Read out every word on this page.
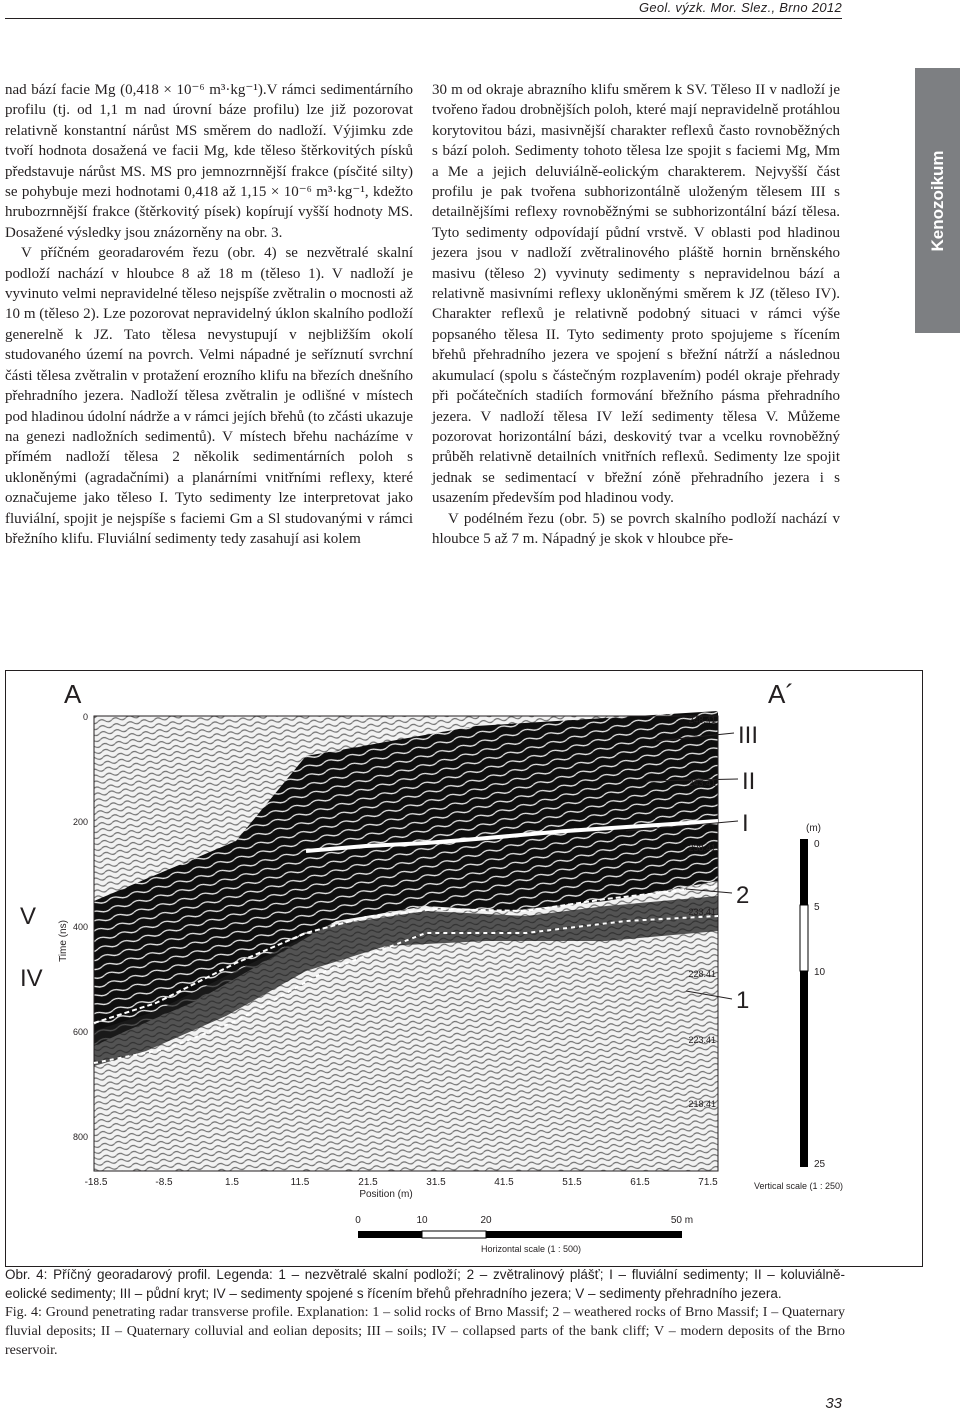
Geol. výzk. Mor. Slez., Brno 2012

nad bází facie Mg (0,418 × 10⁻⁶ m³·kg⁻¹).V rámci sedimentárního profilu (tj. od 1,1 m nad úrovní báze profilu) lze již pozorovat relativně konstantní nárůst MS směrem do nadloží. Výjimku zde tvoří hodnota dosažená ve facii Mg, kde těleso štěrkovitých písků představuje nárůst MS. MS pro jemnozrnnější frakce (písčité silty) se pohybuje mezi hodnotami 0,418 až 1,15 × 10⁻⁶ m³·kg⁻¹, kdežto hrubozrnnější frakce (štěrkovitý písek) kopírují vyšší hodnoty MS. Dosažené výsledky jsou znázorněny na obr. 3.

V příčném georadarovém řezu (obr. 4) se nezvětralé skalní podloží nachází v hloubce 8 až 18 m (těleso 1). V nadloží je vyvinuto velmi nepravidelné těleso nejspíše zvětralin o mocnosti až 10 m (těleso 2). Lze pozorovat nepravidelný úklon skalního podloží generelně k JZ. Tato tělesa nevystupují v nejbližším okolí studovaného území na povrch. Velmi nápadné je seříznutí svrchní části tělesa zvětralin v protažení erozního klifu na březích dnešního přehradního jezera. Nadloží tělesa zvětralin je odlišné v místech pod hladinou údolní nádrže a v rámci jejích břehů (to zčásti ukazuje na genezi nadložních sedimentů). V místech břehu nacházíme v přímém nadloží tělesa 2 několik sedimentárních poloh s ukloněnými (agradačními) a planárními vnitřními reflexy, které označujeme jako těleso I. Tyto sedimenty lze interpretovat jako fluviální, spojit je nejspíše s faciemi Gm a Sl studovanými v rámci břežního klifu. Fluviální sedimenty tedy zasahují asi kolem

30 m od okraje abrazního klifu směrem k SV. Těleso II v nadloží je tvořeno řadou drobnějších poloh, které mají nepravidelně protáhlou korytovitou bázi, masivnější charakter reflexů často rovnoběžných s bází poloh. Sedimenty tohoto tělesa lze spojit s faciemi Mg, Mm a Me a jejich deluviálně-eolickým charakterem. Nejvyšší část profilu je pak tvořena subhorizontálně uloženým tělesem III s detailnějšími reflexy rovnoběžnými se subhorizontální bází tělesa. Tyto sedimenty odpovídají půdní vrstvě. V oblasti pod hladinou jezera jsou v nadloží zvětralinového pláště hornin brněnského masivu (těleso 2) vyvinuty sedimenty s nepravidelnou bází a relativně masivními reflexy ukloněnými směrem k JZ (těleso IV). Charakter reflexů je relativně podobný situaci v rámci výše popsaného tělesa II. Tyto sedimenty proto spojujeme s řícením břehů přehradního jezera ve spojení s břežní nátrží a následnou akumulací (spolu s částečným rozplavením) podél okraje přehrady při počátečních stadiích formování břežního pásma přehradního jezera. V nadloží tělesa IV leží sedimenty tělesa V. Můžeme pozorovat horizontální bázi, deskovitý tvar a vcelku rovnoběžný průběh relativně detailních vnitřních reflexů. Sedimenty lze spojit jednak se sedimentací v břežní zóně přehradního jezera i s usazením především pod hladinou vody.

V podélném řezu (obr. 5) se povrch skalního podloží nachází v hloubce 5 až 7 m. Nápadný je skok v hloubce pře-

Kenozoikum
A	A´
Time (ns)
0
200
400
600
800
-18.5	-8.5	1.5	11.5	21.5	31.5	41.5	51.5	61.5	71.5
Position (m)
248.41
243.41
238.41
233.41
228.41
223.41
218.41
III
II
I
2
1
V
IV
(m)
0
5
10
25
Vertical scale (1 : 250)
0	10	20	50 m
Horizontal scale (1 : 500)

Obr. 4: Příčný georadarový profil. Legenda: 1 – nezvětralé skalní podloží; 2 – zvětralinový plášť; I – fluviální sedimenty; II – koluviálně-eolické sedimenty; III – půdní kryt; IV – sedimenty spojené s řícením břehů přehradního jezera; V – sedimenty přehradního jezera.

Fig. 4: Ground penetrating radar transverse profile. Explanation: 1 – solid rocks of Brno Massif; 2 – weathered rocks of Brno Massif; I – Quaternary fluvial deposits; II – Quaternary colluvial and eolian deposits; III – soils; IV – collapsed parts of the bank cliff; V – modern deposits of the Brno reservoir.

33
